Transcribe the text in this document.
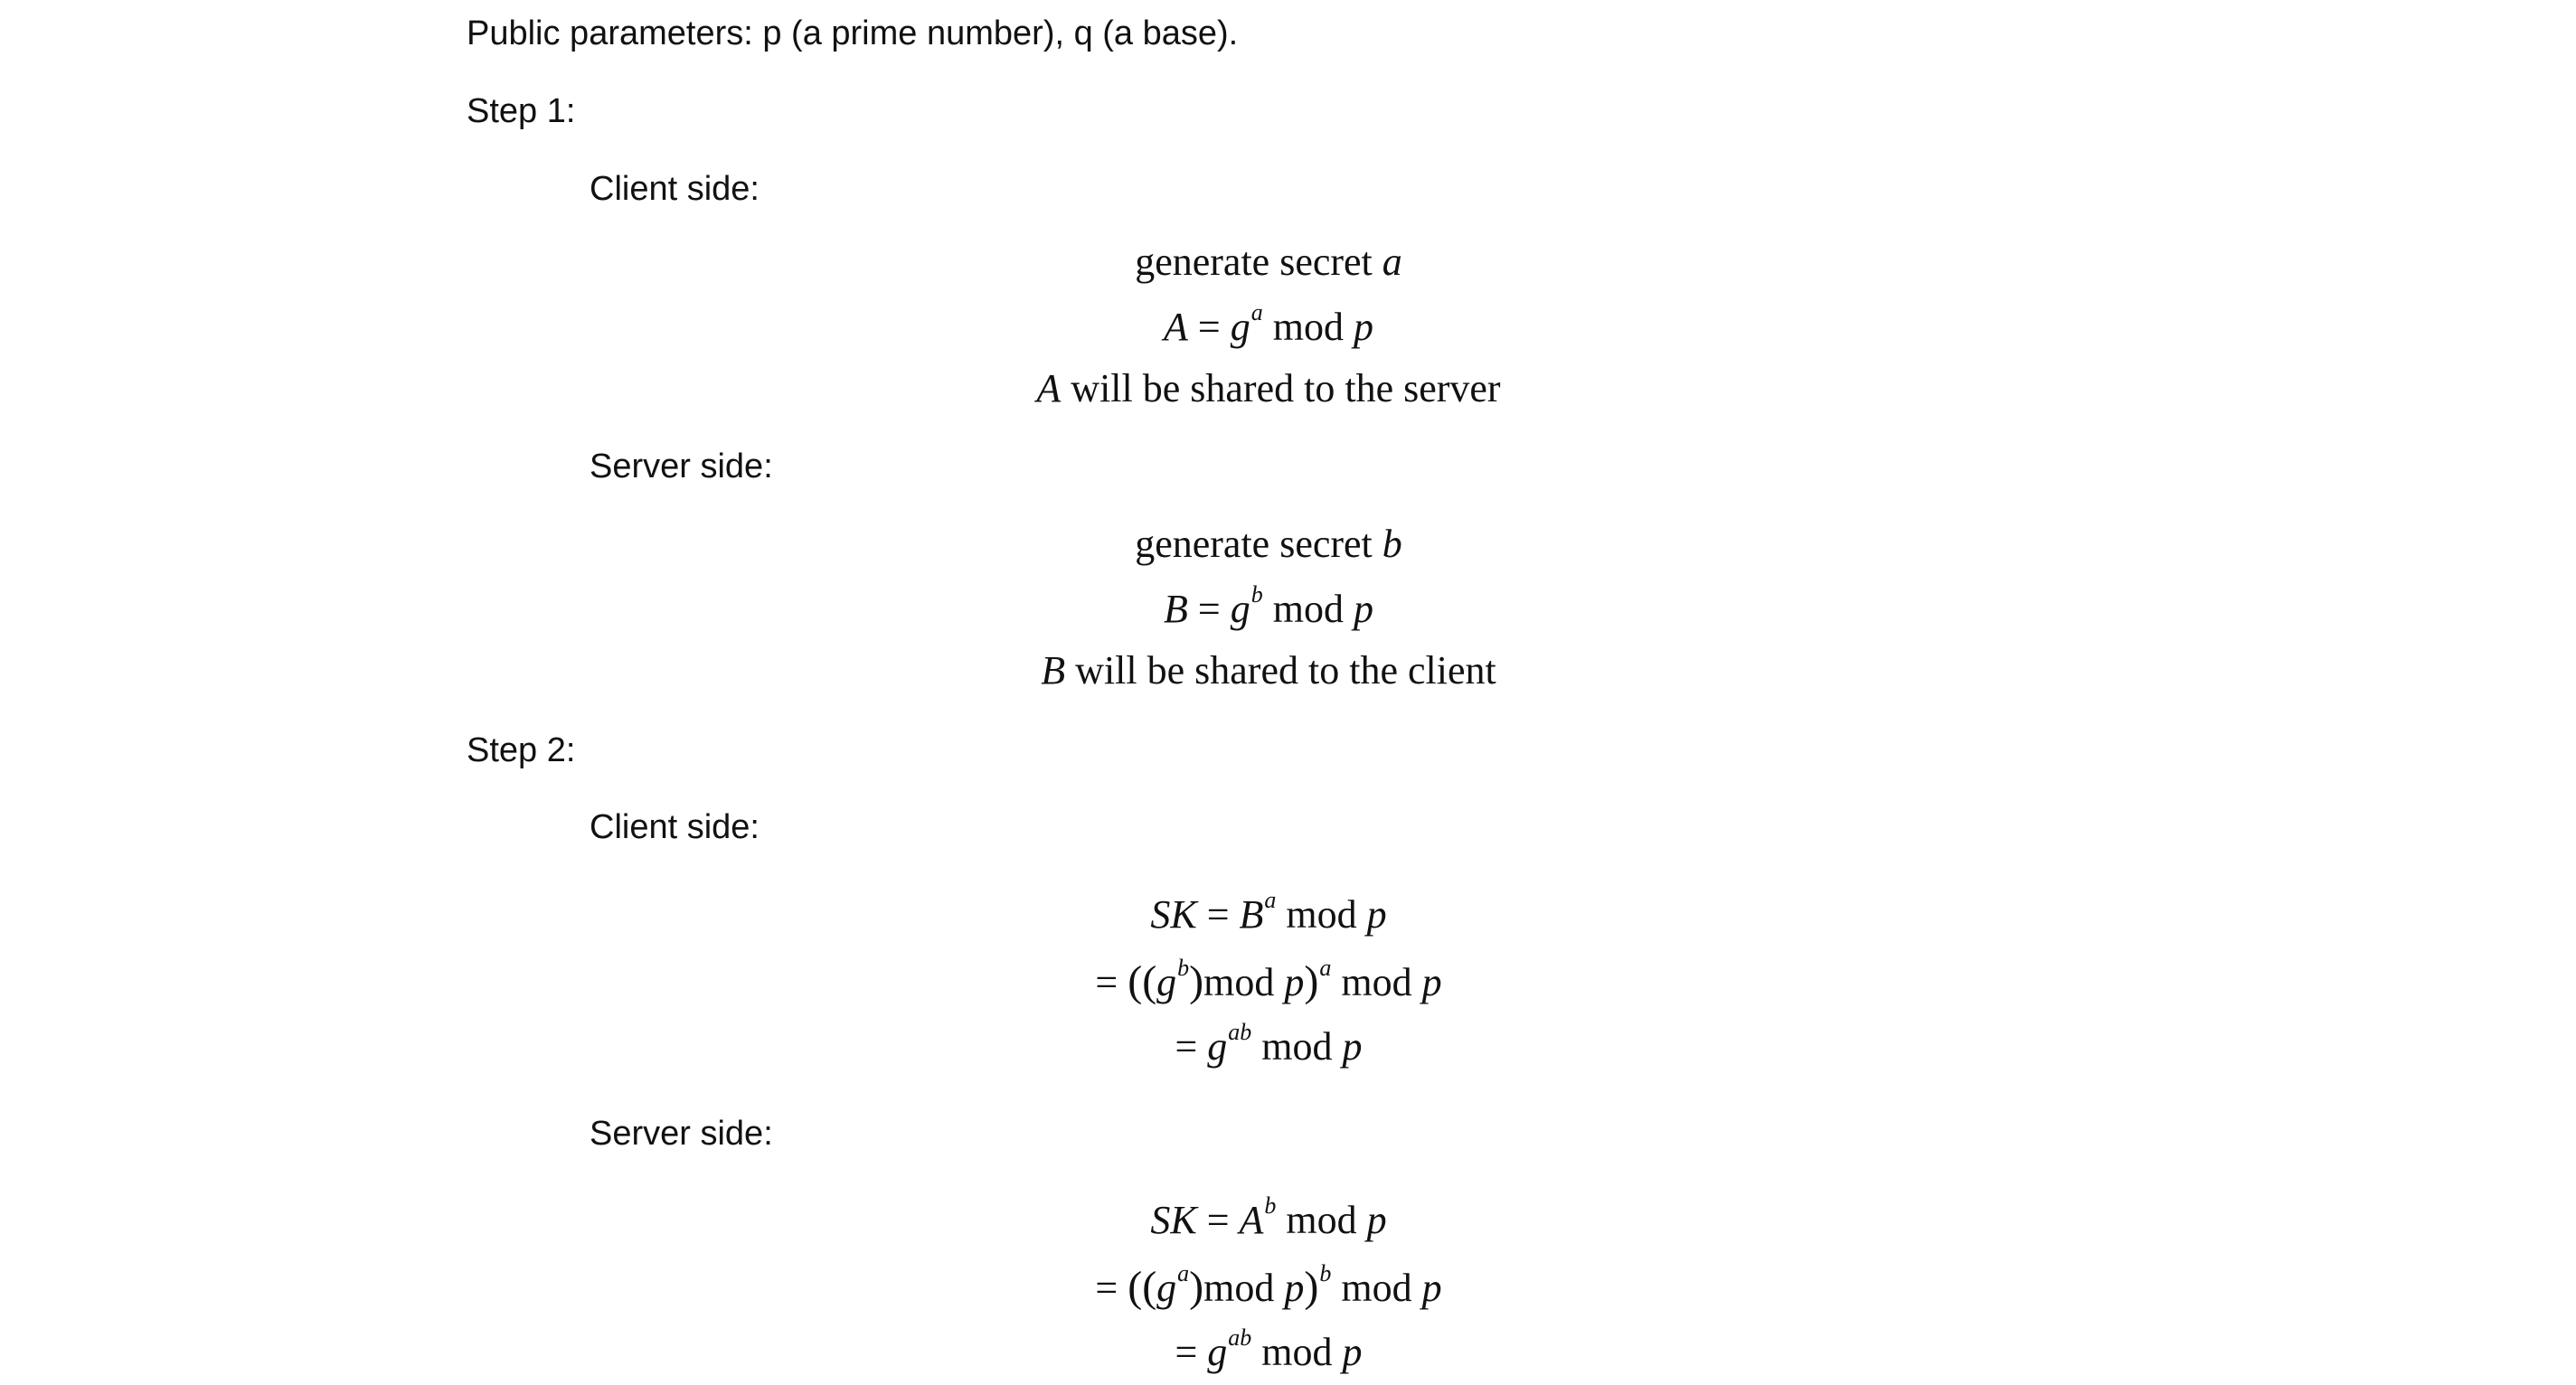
Public parameters: p (a prime number), q (a base).
Step 1:
Client side:
generate secret a
$A = g^a$ mod p
A will be shared to the server
Server side:
generate secret b
$B = g^b$ mod p
B will be shared to the client
Step 2:
Client side:
SK = $B^a$ mod p
= ($(g^b)mod$ p)$^a$ mod p
= $g^{ab}$ mod p
Server side:
SK = $A^b$ mod p
= ($(g^a)mod$ p)$^b$ mod p
= $g^{ab}$ mod p
